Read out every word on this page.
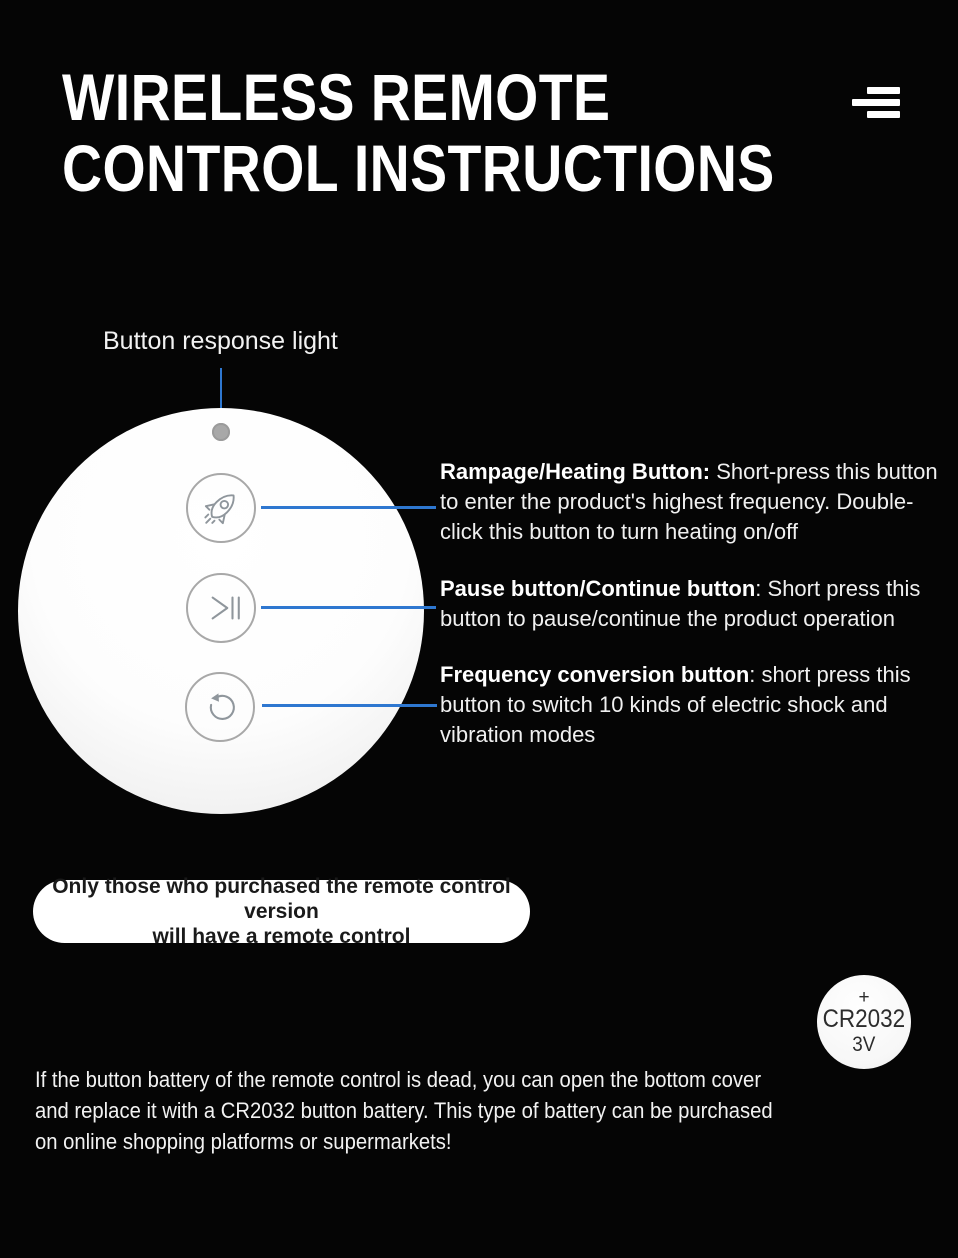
WIRELESS REMOTE
CONTROL INSTRUCTIONS
Button response light
Rampage/Heating Button: Short-press this button to enter the product's highest frequency. Double-click this button to turn heating on/off
Pause button/Continue button: Short press this button to pause/continue the product operation
Frequency conversion button: short press this button to switch 10 kinds of electric shock and vibration modes
Only those who purchased the remote control version
will have a remote control
+
CR2032
3V
If the button battery of the remote control is dead, you can open the bottom cover and replace it with a CR2032 button battery. This type of battery can be purchased on online shopping platforms or supermarkets!
